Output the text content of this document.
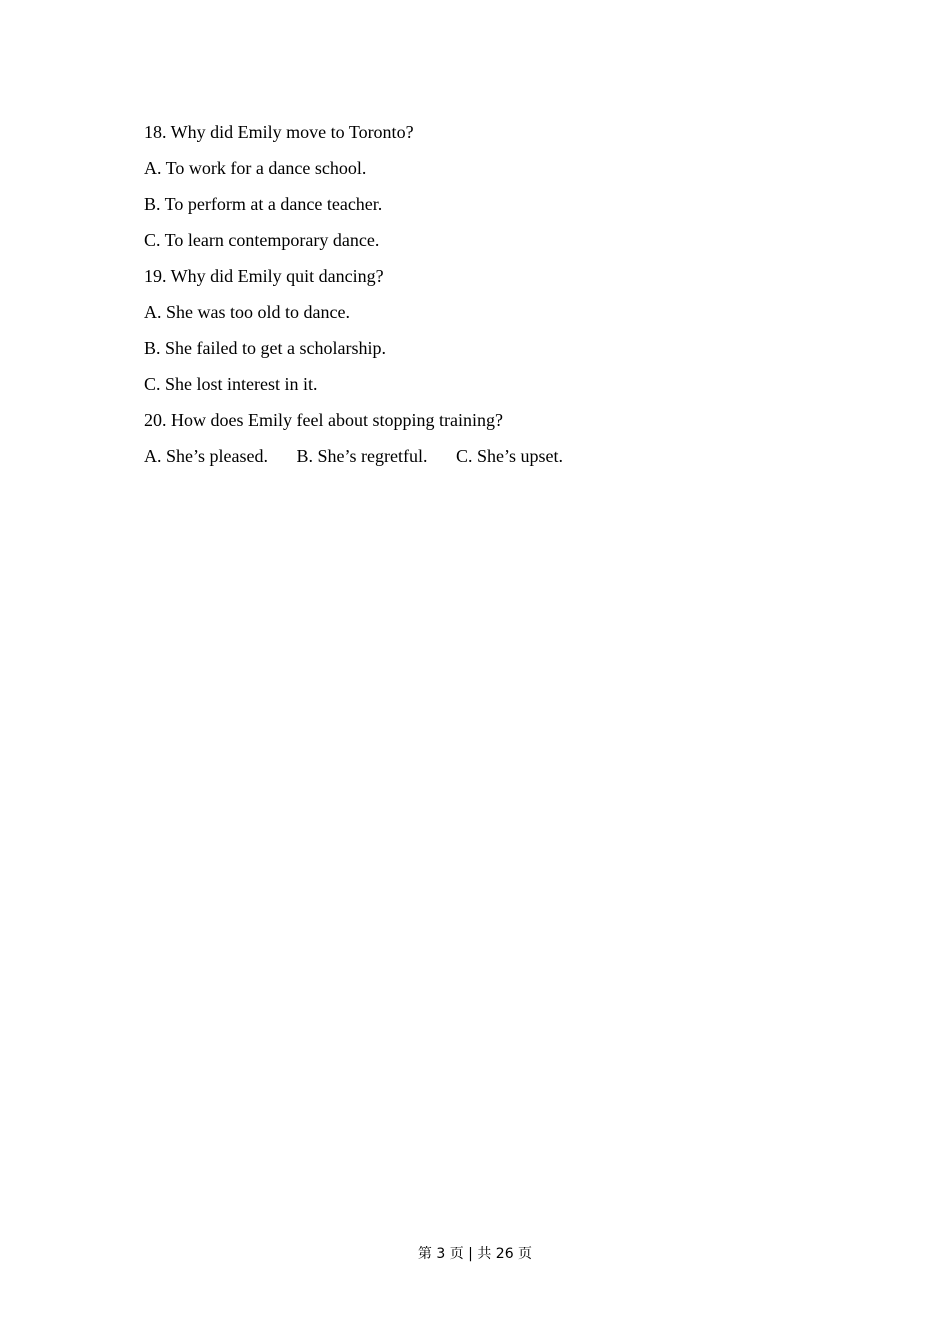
18. Why did Emily move to Toronto?
A. To work for a dance school.
B. To perform at a dance teacher.
C. To learn contemporary dance.
19. Why did Emily quit dancing?
A. She was too old to dance.
B. She failed to get a scholarship.
C. She lost interest in it.
20. How does Emily feel about stopping training?
A. She’s pleased. B. She’s regretful. C. She’s upset.
第 3 页 | 共 26 页
